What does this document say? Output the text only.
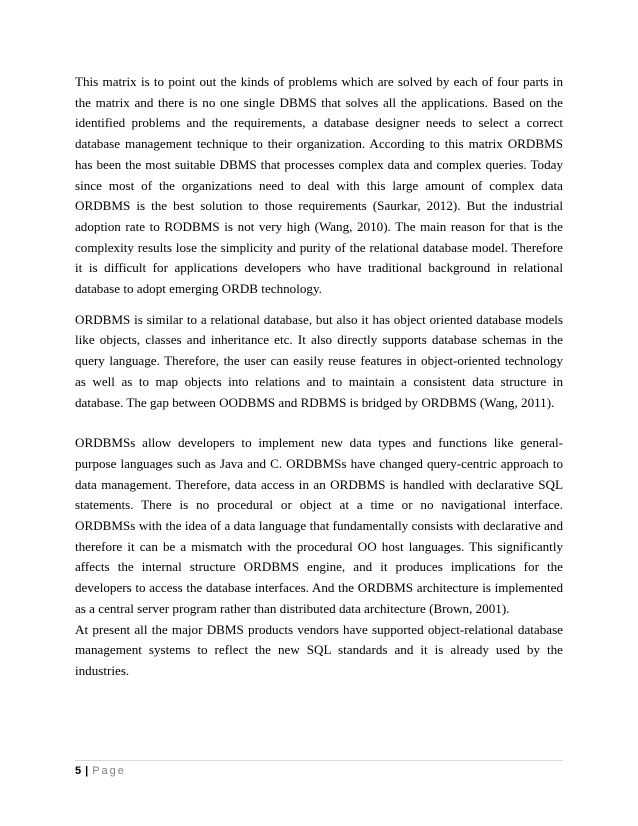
This matrix is to point out the kinds of problems which are solved by each of four parts in the matrix and there is no one single DBMS that solves all the applications. Based on the identified problems and the requirements, a database designer needs to select a correct database management technique to their organization. According to this matrix ORDBMS has been the most suitable DBMS that processes complex data and complex queries. Today since most of the organizations need to deal with this large amount of complex data ORDBMS is the best solution to those requirements (Saurkar, 2012). But the industrial adoption rate to RODBMS is not very high (Wang, 2010). The main reason for that is the complexity results lose the simplicity and purity of the relational database model. Therefore it is difficult for applications developers who have traditional background in relational database to adopt emerging ORDB technology.

ORDBMS is similar to a relational database, but also it has object oriented database models like objects, classes and inheritance etc. It also directly supports database schemas in the query language. Therefore, the user can easily reuse features in object-oriented technology as well as to map objects into relations and to maintain a consistent data structure in database. The gap between OODBMS and RDBMS is bridged by ORDBMS (Wang, 2011).

ORDBMSs allow developers to implement new data types and functions like general-purpose languages such as Java and C. ORDBMSs have changed query-centric approach to data management. Therefore, data access in an ORDBMS is handled with declarative SQL statements. There is no procedural or object at a time or no navigational interface. ORDBMSs with the idea of a data language that fundamentally consists with declarative and therefore it can be a mismatch with the procedural OO host languages. This significantly affects the internal structure ORDBMS engine, and it produces implications for the developers to access the database interfaces. And the ORDBMS architecture is implemented as a central server program rather than distributed data architecture (Brown, 2001).

At present all the major DBMS products vendors have supported object-relational database management systems to reflect the new SQL standards and it is already used by the industries.

5 | Page
